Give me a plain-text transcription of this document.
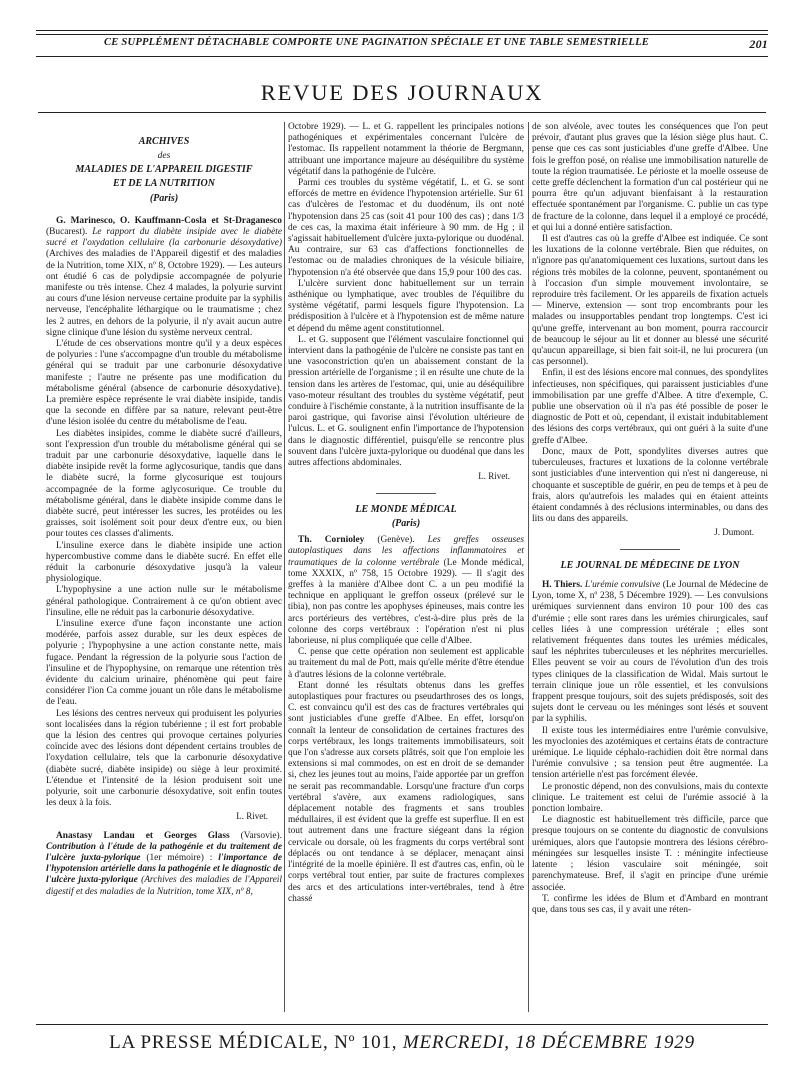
CE SUPPLÉMENT DÉTACHABLE COMPORTE UNE PAGINATION SPÉCIALE ET UNE TABLE SEMESTRIELLE	201
REVUE DES JOURNAUX
ARCHIVES
des
MALADIES DE L'APPAREIL DIGESTIF
ET DE LA NUTRITION
(Paris)

G. Marinesco, O. Kauffmann-Cosla et St-Draganesco (Bucarest). Le rapport du diabète insipide avec le diabète sucré et l'oxydation cellulaire (la carbonurie désoxydative) (Archives des maladies de l'Appareil digestif et des maladies de la Nutrition, tome XIX, nº 8, Octobre 1929). — Les auteurs ont étudié 6 cas de polydipsie accompagnée de polyurie manifeste ou très intense. Chez 4 malades, la polyurie survint au cours d'une lésion nerveuse certaine produite par la syphilis nerveuse, l'encéphalite léthargique ou le traumatisme ; chez les 2 autres, en dehors de la polyurie, il n'y avait aucun autre signe clinique d'une lésion du système nerveux central.

L'étude de ces observations montre qu'il y a deux espèces de polyuries : l'une s'accompagne d'un trouble du métabolisme général qui se traduit par une carbonurie désoxydative manifeste ; l'autre ne présente pas une modification du métabolisme général (absence de carbonurie désoxydative). La première espèce représente le vrai diabète insipide, tandis que la seconde en diffère par sa nature, relevant peut-être d'une lésion isolée du centre du métabolisme de l'eau.

Les diabètes insipides, comme le diabète sucré d'ailleurs, sont l'expression d'un trouble du métabolisme général qui se traduit par une carbonurie désoxydative, laquelle dans le diabète insipide revêt la forme aglycosurique, tandis que dans le diabète sucré, la forme glycosurique est toujours accompagnée de la forme aglycosurique. Ce trouble du métabolisme général, dans le diabète insipide comme dans le diabète sucré, peut intéresser les sucres, les protéides ou les graisses, soit isolément soit pour deux d'entre eux, ou bien pour toutes ces classes d'aliments.

L'insuline exerce dans le diabète insipide une action hypercombustive comme dans le diabète sucré. En effet elle réduit la carbonurie désoxydative jusqu'à la valeur physiologique.

L'hypophysine a une action nulle sur le métabolisme général pathologique. Contrairement à ce qu'on obtient avec l'insuline, elle ne réduit pas la carbonurie désoxydative.

L'insuline exerce d'une façon inconstante une action modérée, parfois assez durable, sur les deux espèces de polyurie ; l'hypophysine a une action constante nette, mais fugace. Pendant la régression de la polyurie sous l'action de l'insuline et de l'hypophysine, on remarque une rétention très évidente du calcium urinaire, phénomène qui peut faire considérer l'ion Ca comme jouant un rôle dans le métabolisme de l'eau.

Les lésions des centres nerveux qui produisent les polyuries sont localisées dans la région tubérienne ; il est fort probable que la lésion des centres qui provoque certaines polyuries coïncide avec des lésions dont dépendent certains troubles de l'oxydation cellulaire, tels que la carbonurie désoxydative (diabète sucré, diabète insipide) ou siège à leur proximité. L'étendue et l'intensité de la lésion produisent soit une polyurie, soit une carbonurie désoxydative, soit enfin toutes les deux à la fois.

L. Rivet.

Anastasy Landau et Georges Glass (Varsovie). Contribution à l'étude de la pathogénie et du traitement de l'ulcère juxta-pylorique (1er mémoire) : l'importance de l'hypotension artérielle dans la pathogénie et le diagnostic de l'ulcère juxta-pylorique (Archives des maladies de l'Appareil digestif et des maladies de la Nutrition, tome XIX, nº 8,

Octobre 1929). — L. et G. rappellent les principales notions pathogéniques et expérimentales concernant l'ulcère de l'estomac. Ils rappellent notamment la théorie de Bergmann, attribuant une importance majeure au déséquilibre du système végétatif dans la pathogénie de l'ulcère.

Parmi ces troubles du système végétatif, L. et G. se sont efforcés de mettre en évidence l'hypotension artérielle. Sur 61 cas d'ulcères de l'estomac et du duodénum, ils ont noté l'hypotension dans 25 cas (soit 41 pour 100 des cas) ; dans 1/3 de ces cas, la maxima était inférieure à 90 mm. de Hg ; il s'agissait habituellement d'ulcère juxta-pylorique ou duodénal. Au contraire, sur 63 cas d'affections fonctionnelles de l'estomac ou de maladies chroniques de la vésicule biliaire, l'hypotension n'a été observée que dans 15,9 pour 100 des cas.

L'ulcère survient donc habituellement sur un terrain asthénique ou lymphatique, avec troubles de l'équilibre du système végétatif, parmi lesquels figure l'hypotension. La prédisposition à l'ulcère et à l'hypotension est de même nature et dépend du même agent constitutionnel.

L. et G. supposent que l'élément vasculaire fonctionnel qui intervient dans la pathogénie de l'ulcère ne consiste pas tant en une vasoconstriction qu'en un abaissement constant de la pression artérielle de l'organisme ; il en résulte une chute de la tension dans les artères de l'estomac, qui, unie au déséquilibre vaso-moteur résultant des troubles du système végétatif, peut conduire à l'ischémie constante, à la nutrition insuffisante de la paroi gastrique, qui favorise ainsi l'évolution ultérieure de l'ulcus. L. et G. soulignent enfin l'importance de l'hypotension dans le diagnostic différentiel, puisqu'elle se rencontre plus souvent dans l'ulcère juxta-pylorique ou duodénal que dans les autres affections abdominales.

L. Rivet.
LE MONDE MÉDICAL
(Paris)

Th. Cornioley (Genève). Les greffes osseuses autoplastiques dans les affections inflammatoires et traumatiques de la colonne vertébrale (Le Monde médical, tome XXXIX, nº 758, 15 Octobre 1929). — Il s'agit des greffes à la manière d'Albee dont C. a un peu modifié la technique en appliquant le greffon osseux (prélevé sur le tibia), non pas contre les apophyses épineuses, mais contre les arcs portérieurs des vertèbres, c'est-à-dire plus près de la colonne des corps vertébraux : l'opération n'est ni plus laborieuse, ni plus compliquée que celle d'Albee.

C. pense que cette opération non seulement est applicable au traitement du mal de Pott, mais qu'elle mérite d'être étendue à d'autres lésions de la colonne vertébrale.

Etant donné les résultats obtenus dans les greffes autoplastiques pour fractures ou pseudarthroses des os longs, C. est convaincu qu'il est des cas de fractures vertébrales qui sont justiciables d'une greffe d'Albee. En effet, lorsqu'on connaît la lenteur de consolidation de certaines fractures des corps vertébraux, les longs traitements immobilisateurs, soit que l'on s'adresse aux corsets plâtrés, soit que l'on emploie les extensions si mal commodes, on est en droit de se demander si, chez les jeunes tout au moins, l'aide apportée par un greffon ne serait pas recommandable. Lorsqu'une fracture d'un corps vertébral s'avère, aux examens radiologiques, sans déplacement notable des fragments et sans troubles médullaires, il est évident que la greffe est superflue. Il en est tout autrement dans une fracture siégeant dans la région cervicale ou dorsale, où les fragments du corps vertébral sont déplacés ou ont tendance à se déplacer, menaçant ainsi l'intégrité de la moelle épinière. Il est d'autres cas, enfin, où le corps vertébral tout entier, par suite de fractures complexes des arcs et des articulations inter-vertébrales, tend à être chassé

de son alvéole, avec toutes les conséquences que l'on peut prévoir, d'autant plus graves que la lésion siège plus haut. C. pense que ces cas sont justiciables d'une greffe d'Albee. Une fois le greffon posé, on réalise une immobilisation naturelle de toute la région traumatisée. Le périoste et la moelle osseuse de cette greffe déclenchent la formation d'un cal postérieur qui ne pourra être qu'un adjuvant bienfaisant à la restauration effectuée spontanément par l'organisme. C. publie un cas type de fracture de la colonne, dans lequel il a employé ce procédé, et qui lui a donné entière satisfaction.

Il est d'autres cas où la greffe d'Albee est indiquée. Ce sont les luxations de la colonne vertébrale. Bien que réduites, on n'ignore pas qu'anatomiquement ces luxations, surtout dans les régions très mobiles de la colonne, peuvent, spontanément ou à l'occasion d'un simple mouvement involontaire, se reproduire très facilement. Or les appareils de fixation actuels — Minerve, extension — sont trop encombrants pour les malades ou insupportables pendant trop longtemps. C'est ici qu'une greffe, intervenant au bon moment, pourra raccourcir de beaucoup le séjour au lit et donner au blessé une sécurité qu'aucun appareillage, si bien fait soit-il, ne lui procurera (un cas personnel).

Enfin, il est des lésions encore mal connues, des spondylites infectieuses, non spécifiques, qui paraissent justiciables d'une immobilisation par une greffe d'Albee. A titre d'exemple, C. publie une observation où il n'a pas été possible de poser le diagnostic de Pott et où, cependant, il existait indubitablement des lésions des corps vertébraux, qui ont guéri à la suite d'une greffe d'Albee.

Donc, maux de Pott, spondylites diverses autres que tuberculeuses, fractures et luxations de la colonne vertébrale sont justiciables d'une intervention qui n'est ni dangereuse, ni choquante et susceptible de guérir, en peu de temps et à peu de frais, alors qu'autrefois les malades qui en étaient atteints étaient condamnés à des réclusions interminables, ou dans des lits ou dans des appareils.

J. Dumont.
LE JOURNAL DE MÉDECINE DE LYON

H. Thiers. L'urémie convulsive (Le Journal de Médecine de Lyon, tome X, nº 238, 5 Décembre 1929). — Les convulsions urémiques surviennent dans environ 10 pour 100 des cas d'urémie ; elle sont rares dans les urémies chirurgicales, sauf celles liées à une compression urétérale ; elles sont relativement fréquentes dans toutes les urémies médicales, sauf les néphrites tuberculeuses et les néphrites mercurielles. Elles peuvent se voir au cours de l'évolution d'un des trois types cliniques de la classification de Widal. Mais surtout le terrain clinique joue un rôle essentiel, et les convulsions frappent presque toujours, soit des sujets prédisposés, soit des sujets dont le cerveau ou les méninges sont lésés et souvent par la syphilis.

Il existe tous les intermédiaires entre l'urémie convulsive, les myoclonies des azotémiques et certains états de contracture urémique. Le liquide céphalo-rachidien doit être normal dans l'urémie convulsive ; sa tension peut être augmentée. La tension artérielle n'est pas forcément élevée.

Le pronostic dépend, non des convulsions, mais du contexte clinique. Le traitement est celui de l'urémie associé à la ponction lombaire.

Le diagnostic est habituellement très difficile, parce que presque toujours on se contente du diagnostic de convulsions urémiques, alors que l'autopsie montrera des lésions cérébro-méningées sur lesquelles insiste T. : méningite infectieuse latente ; lésion vasculaire soit méningée, soit parenchymateuse. Bref, il s'agit en principe d'une urémie associée.

T. confirme les idées de Blum et d'Ambard en montrant que, dans tous ses cas, il y avait une réten-

LA PRESSE MÉDICALE, Nº 101, MERCREDI, 18 DÉCEMBRE 1929
